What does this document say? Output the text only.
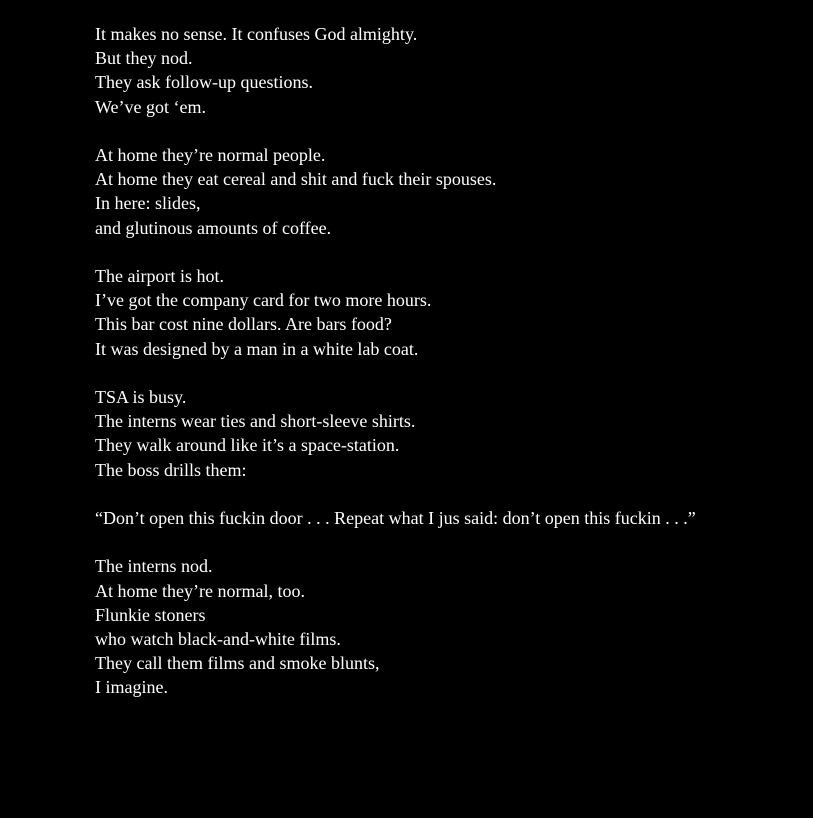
It makes no sense. It confuses God almighty.
But they nod.
They ask follow-up questions.
We’ve got ‘em.
At home they’re normal people.
At home they eat cereal and shit and fuck their spouses.
In here: slides,
and glutinous amounts of coffee.
The airport is hot.
I’ve got the company card for two more hours.
This bar cost nine dollars. Are bars food?
It was designed by a man in a white lab coat.
TSA is busy.
The interns wear ties and short-sleeve shirts.
They walk around like it’s a space-station.
The boss drills them:
“Don’t open this fuckin door . . . Repeat what I jus said: don’t open this fuckin . . .”
The interns nod.
At home they’re normal, too.
Flunkie stoners
who watch black-and-white films.
They call them films and smoke blunts,
I imagine.
